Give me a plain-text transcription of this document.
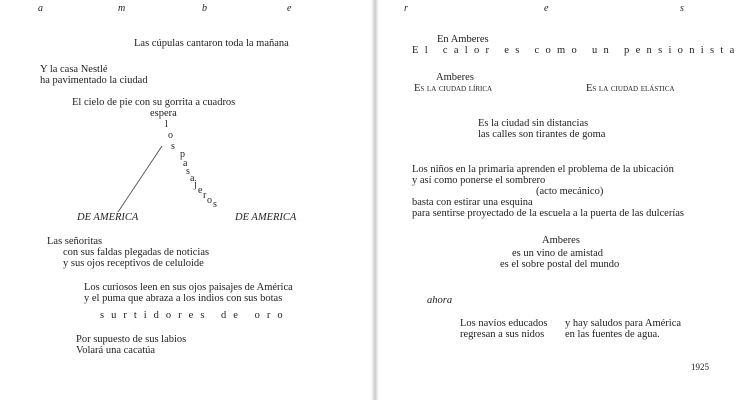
a	m	b	e
Las cúpulas cantaron toda la mañana
Y la casa Nestlé
ha pavimentado la ciudad
El cielo de pie con su gorrita a cuadros
espera
l
o
s
p
a
s
a
j
e r o s
DE AMERICA	DE AMERICA
Las señoritas
con sus faldas plegadas de noticias
y sus ojos receptivos de celuloide
Los curiosos leen en sus ojos paisajes de América
y el puma que abraza a los indios con sus botas
surtidores de oro
Por supuesto de sus labios
Volará una cacatúa
r	e	s
En Amberes
El calor es como un pensionista
Amberes
Es la ciudad lírica	Es la ciudad elástica
Es la ciudad sin distancias
las calles son tirantes de goma
Los niños en la primaria aprenden el problema de la ubicación
y así como ponerse el sombrero
(acto mecánico)
basta con estirar una esquina
para sentirse proyectado de la escuela a la puerta de las dulcerías
Amberes
es un vino de amistad
es el sobre postal del mundo
ahora
Los navíos educados
regresan a sus nidos
y hay saludos para América
en las fuentes de agua.
1925
